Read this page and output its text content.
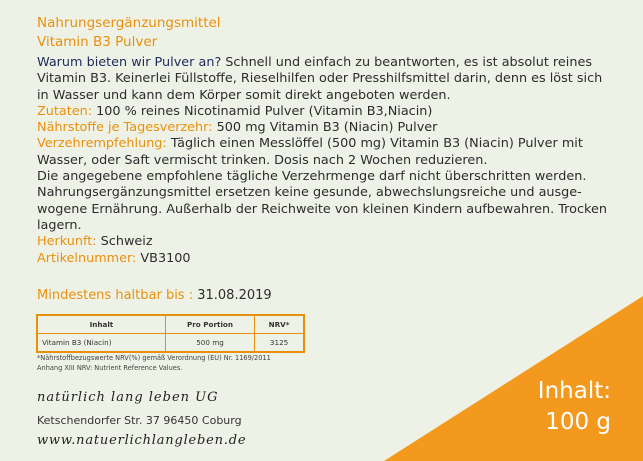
Nahrungsergänzungsmittel
Vitamin B3 Pulver
Warum bieten wir Pulver an? Schnell und einfach zu beantworten, es ist absolut reines Vitamin B3. Keinerlei Füllstoffe, Rieselhilfen oder Presshilfsmittel darin, denn es löst sich in Wasser und kann dem Körper somit direkt angeboten werden.
Zutaten: 100 % reines Nicotinamid Pulver (Vitamin B3,Niacin)
Nährstoffe je Tagesverzehr: 500 mg Vitamin B3 (Niacin) Pulver
Verzehrempfehlung: Täglich einen Messlöffel (500 mg) Vitamin B3 (Niacin) Pulver mit Wasser, oder Saft vermischt trinken. Dosis nach 2 Wochen reduzieren.
Die angegebene empfohlene tägliche Verzehrmenge darf nicht überschritten werden. Nahrungsergänzungsmittel ersetzen keine gesunde, abwechslungsreiche und ausge-wogene Ernährung. Außerhalb der Reichweite von kleinen Kindern aufbewahren. Trocken lagern.
Herkunft: Schweiz
Artikelnummer: VB3100
Mindestens haltbar bis : 31.08.2019
Inhalt	Pro Portion	NRV*
Vitamin B3 (Niacin)	500 mg	3125
*Nährstoffbezugswerte NRV(%) gemäß Verordnung (EU) Nr. 1169/2011
Anhang XIII NRV: Nutrient Reference Values.
natürlich lang leben UG
Ketschendorfer Str. 37 96450 Coburg
www.natuerlichlangleben.de
Inhalt:
100 g
